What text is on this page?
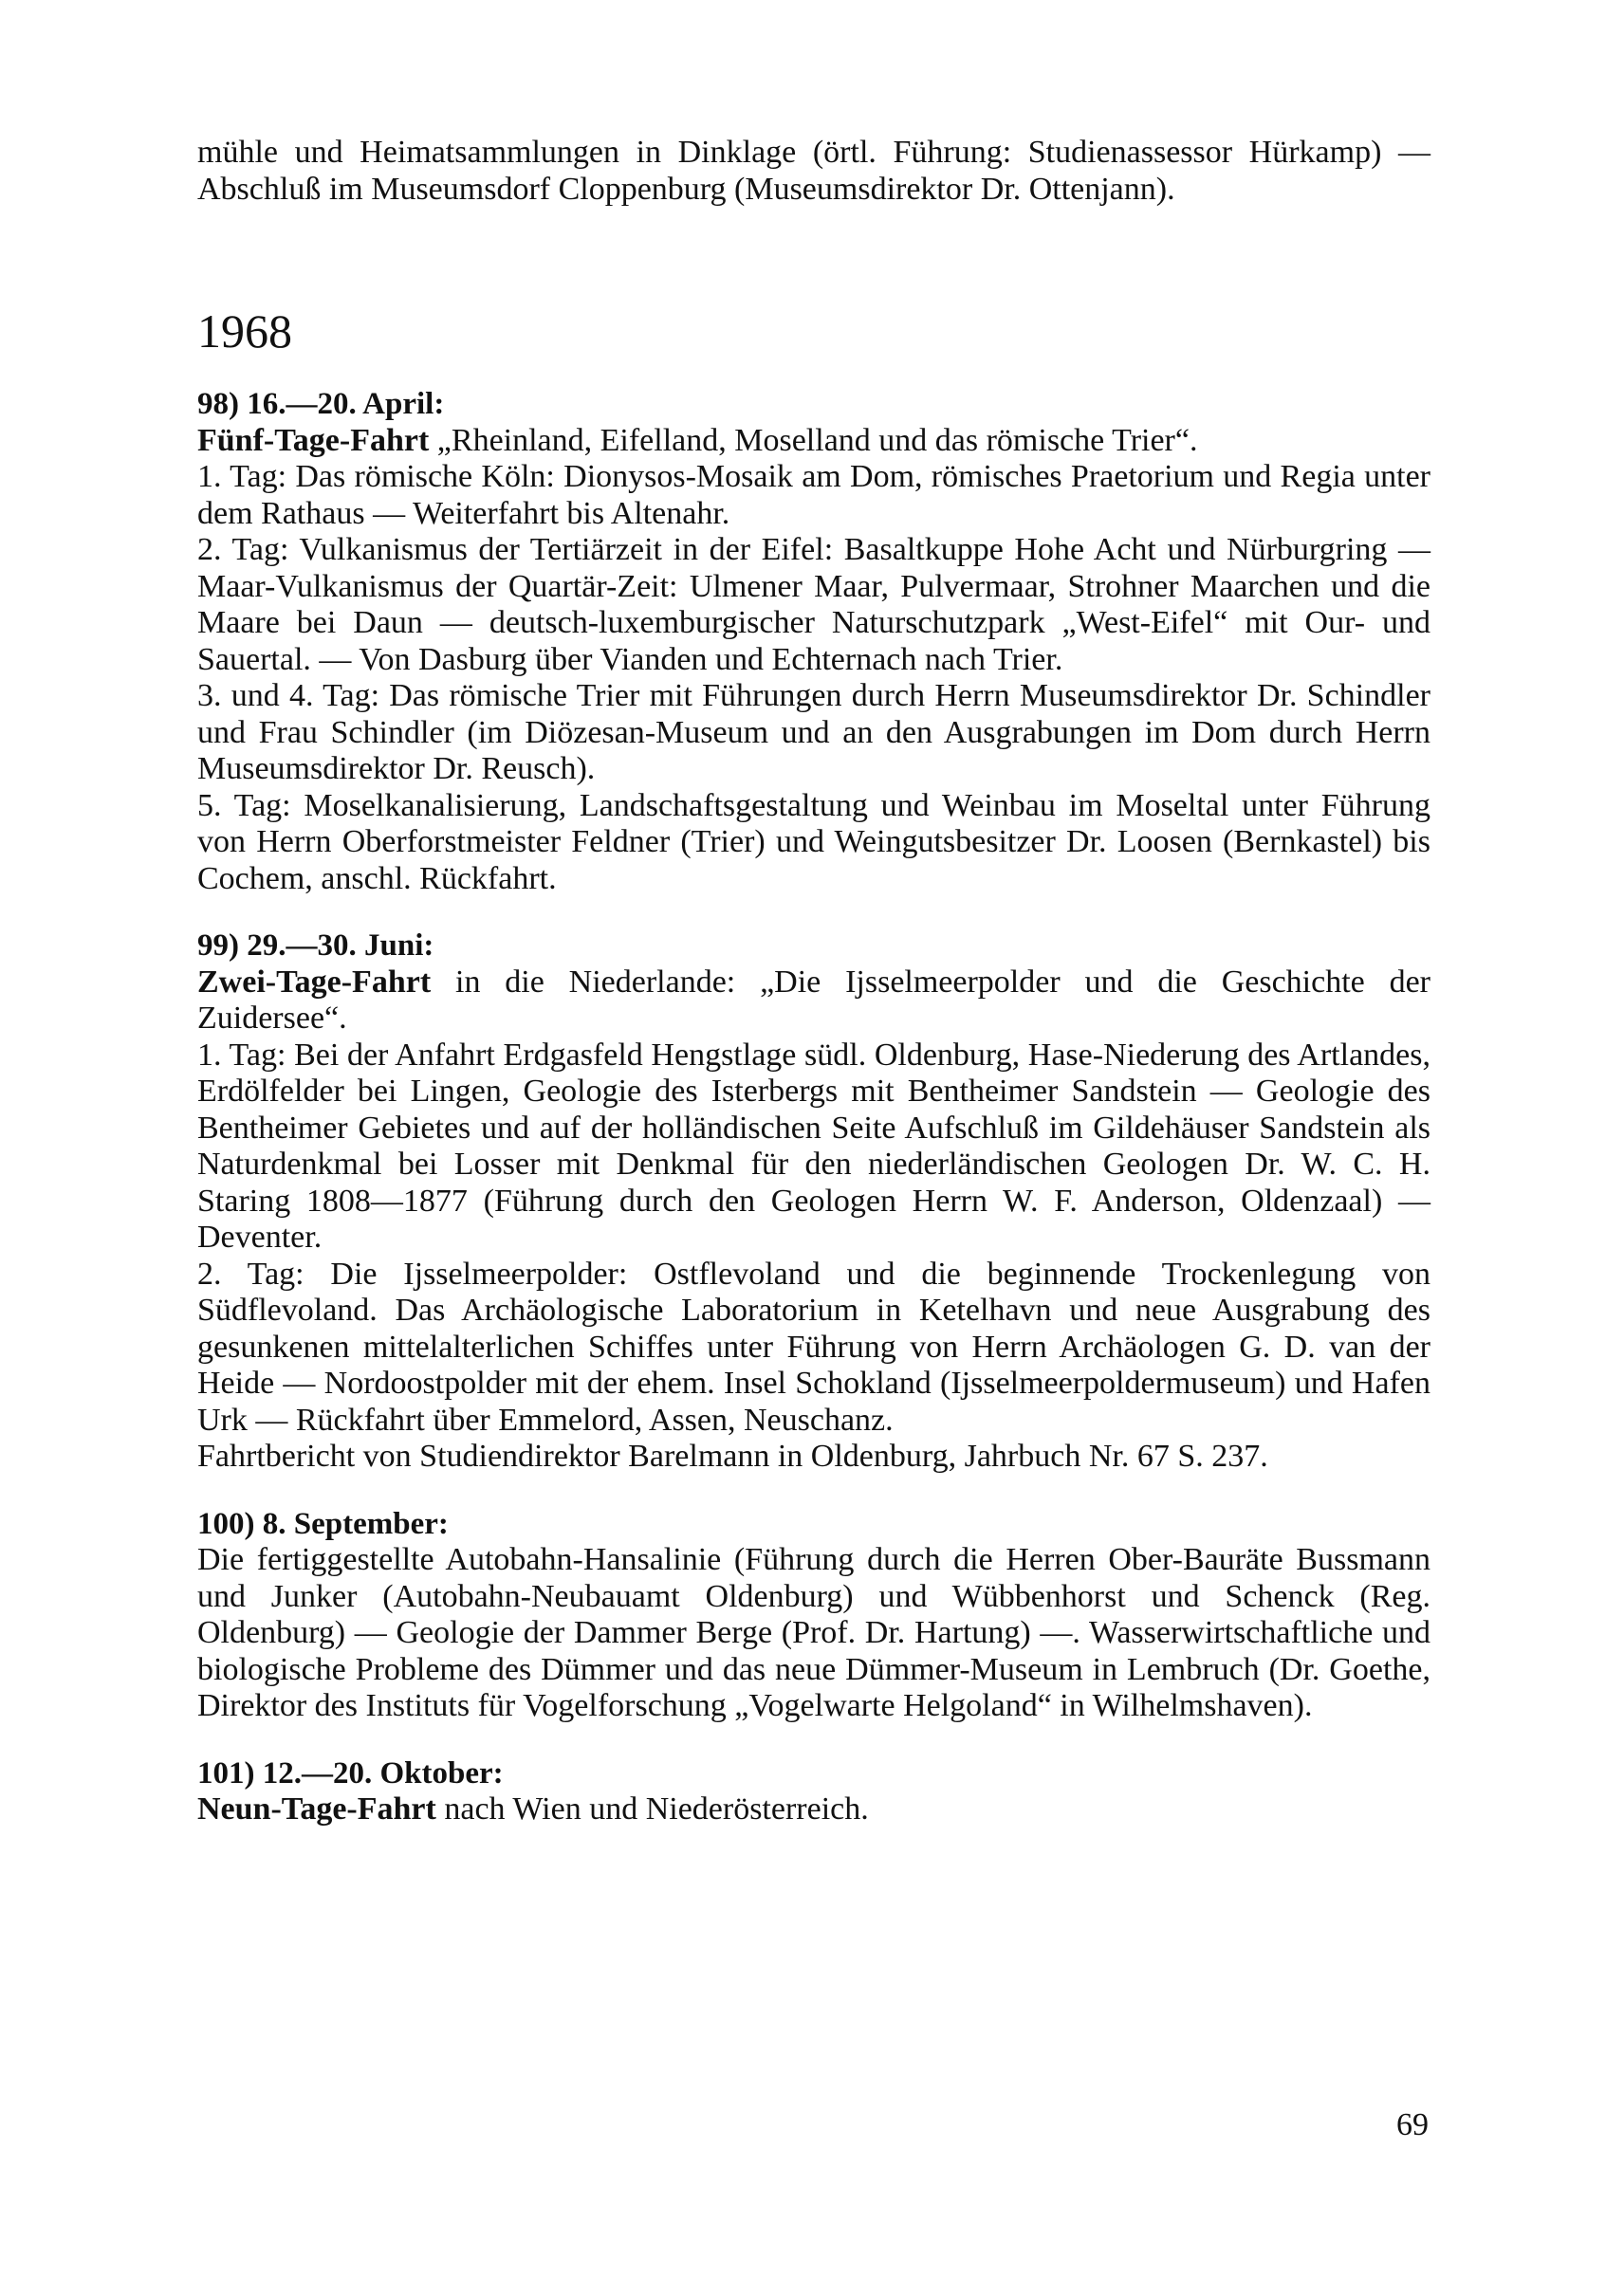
mühle und Heimatsammlungen in Dinklage (örtl. Führung: Studienassessor Hürkamp) — Abschluß im Museumsdorf Cloppenburg (Museumsdirektor Dr. Ottenjann).

1968

98) 16.—20. April:

Fünf-Tage-Fahrt „Rheinland, Eifelland, Moselland und das römische Trier“.

1. Tag: Das römische Köln: Dionysos-Mosaik am Dom, römisches Praetorium und Regia unter dem Rathaus — Weiterfahrt bis Altenahr.

2. Tag: Vulkanismus der Tertiärzeit in der Eifel: Basaltkuppe Hohe Acht und Nürburgring — Maar-Vulkanismus der Quartär-Zeit: Ulmener Maar, Pulvermaar, Strohner Maarchen und die Maare bei Daun — deutsch-luxemburgischer Naturschutzpark „West-Eifel“ mit Our- und Sauertal. — Von Dasburg über Vianden und Echternach nach Trier.

3. und 4. Tag: Das römische Trier mit Führungen durch Herrn Museumsdirektor Dr. Schindler und Frau Schindler (im Diözesan-Museum und an den Ausgrabungen im Dom durch Herrn Museumsdirektor Dr. Reusch).

5. Tag: Moselkanalisierung, Landschaftsgestaltung und Weinbau im Moseltal unter Führung von Herrn Oberforstmeister Feldner (Trier) und Weingutsbesitzer Dr. Loosen (Bernkastel) bis Cochem, anschl. Rückfahrt.

99) 29.—30. Juni:

Zwei-Tage-Fahrt in die Niederlande: „Die Ijsselmeerpolder und die Geschichte der Zuidersee“.

1. Tag: Bei der Anfahrt Erdgasfeld Hengstlage südl. Oldenburg, Hase-Niederung des Artlandes, Erdölfelder bei Lingen, Geologie des Isterbergs mit Bentheimer Sandstein — Geologie des Bentheimer Gebietes und auf der holländischen Seite Aufschluß im Gildehäuser Sandstein als Naturdenkmal bei Losser mit Denkmal für den niederländischen Geologen Dr. W. C. H. Staring 1808—1877 (Führung durch den Geologen Herrn W. F. Anderson, Oldenzaal) — Deventer.

2. Tag: Die Ijsselmeerpolder: Ostflevoland und die beginnende Trockenlegung von Südflevoland. Das Archäologische Laboratorium in Ketelhavn und neue Ausgrabung des gesunkenen mittelalterlichen Schiffes unter Führung von Herrn Archäologen G. D. van der Heide — Nordoostpolder mit der ehem. Insel Schokland (Ijsselmeerpoldermuseum) und Hafen Urk — Rückfahrt über Emmelord, Assen, Neuschanz.

Fahrtbericht von Studiendirektor Barelmann in Oldenburg, Jahrbuch Nr. 67 S. 237.

100) 8. September:

Die fertiggestellte Autobahn-Hansalinie (Führung durch die Herren Ober-Bauräte Bussmann und Junker (Autobahn-Neubauamt Oldenburg) und Wübbenhorst und Schenck (Reg. Oldenburg) — Geologie der Dammer Berge (Prof. Dr. Hartung) —. Wasserwirtschaftliche und biologische Probleme des Dümmer und das neue Dümmer-Museum in Lembruch (Dr. Goethe, Direktor des Instituts für Vogelforschung „Vogelwarte Helgoland“ in Wilhelmshaven).

101) 12.—20. Oktober:

Neun-Tage-Fahrt nach Wien und Niederösterreich.

69
